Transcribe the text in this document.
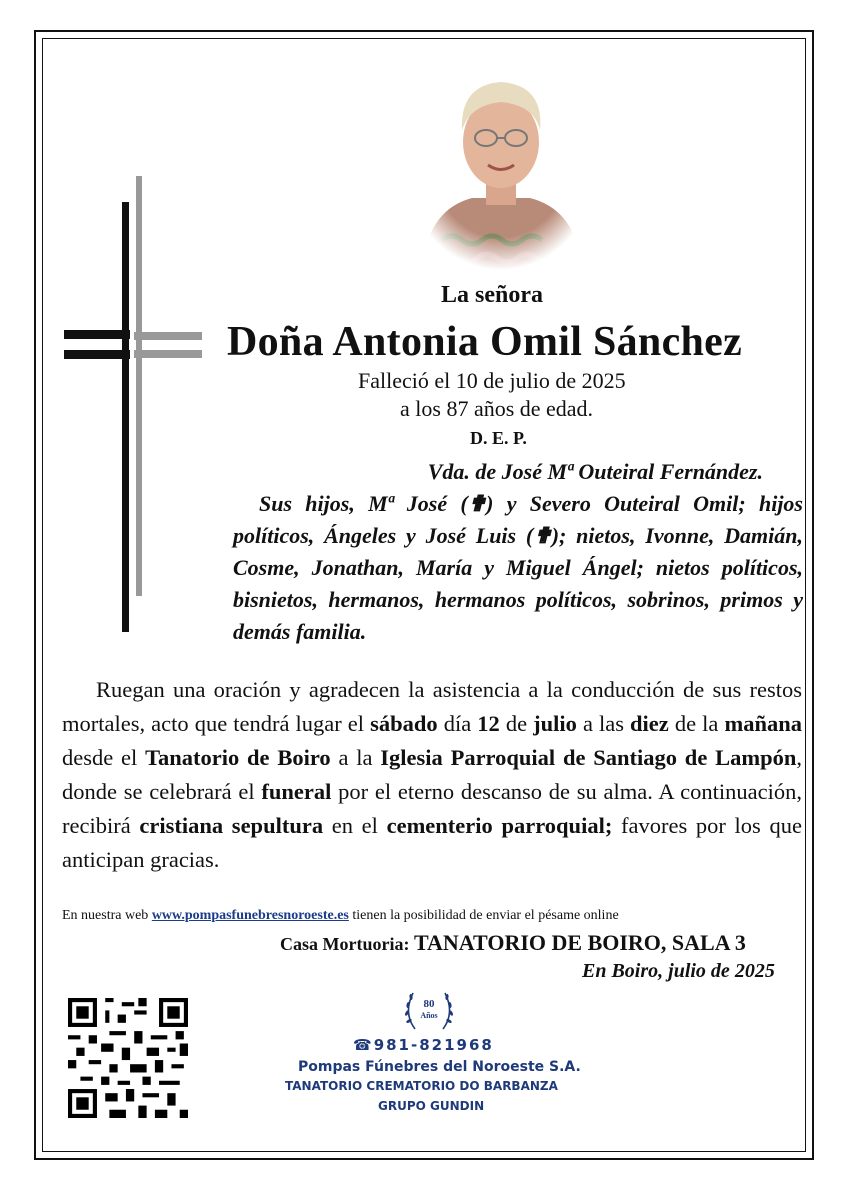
La señora
Doña Antonia Omil Sánchez
Falleció el 10 de julio de 2025
a los 87 años de edad.
D. E. P.
Vda. de José Mª Outeiral Fernández.

Sus hijos, Mª José (✟) y Severo Outeiral Omil; hijos políticos, Ángeles y José Luis (✟); nietos, Ivonne, Damián, Cosme, Jonathan, María y Miguel Ángel; nietos políticos, bisnietos, hermanos, hermanos políticos, sobrinos, primos y demás familia.

Ruegan una oración y agradecen la asistencia a la conducción de sus restos mortales, acto que tendrá lugar el sábado día 12 de julio a las diez de la mañana desde el Tanatorio de Boiro a la Iglesia Parroquial de Santiago de Lampón, donde se celebrará el funeral por el eterno descanso de su alma. A continuación, recibirá cristiana sepultura en el cementerio parroquial; favores por los que anticipan gracias.

En nuestra web www.pompasfunebresnoroeste.es tienen la posibilidad de enviar el pésame online
Casa Mortuoria: TANATORIO DE BOIRO, SALA 3
En Boiro, julio de 2025
80
Años
☎981-821968
Pompas Fúnebres del Noroeste S.A.
TANATORIO CREMATORIO DO BARBANZA
GRUPO GUNDIN
